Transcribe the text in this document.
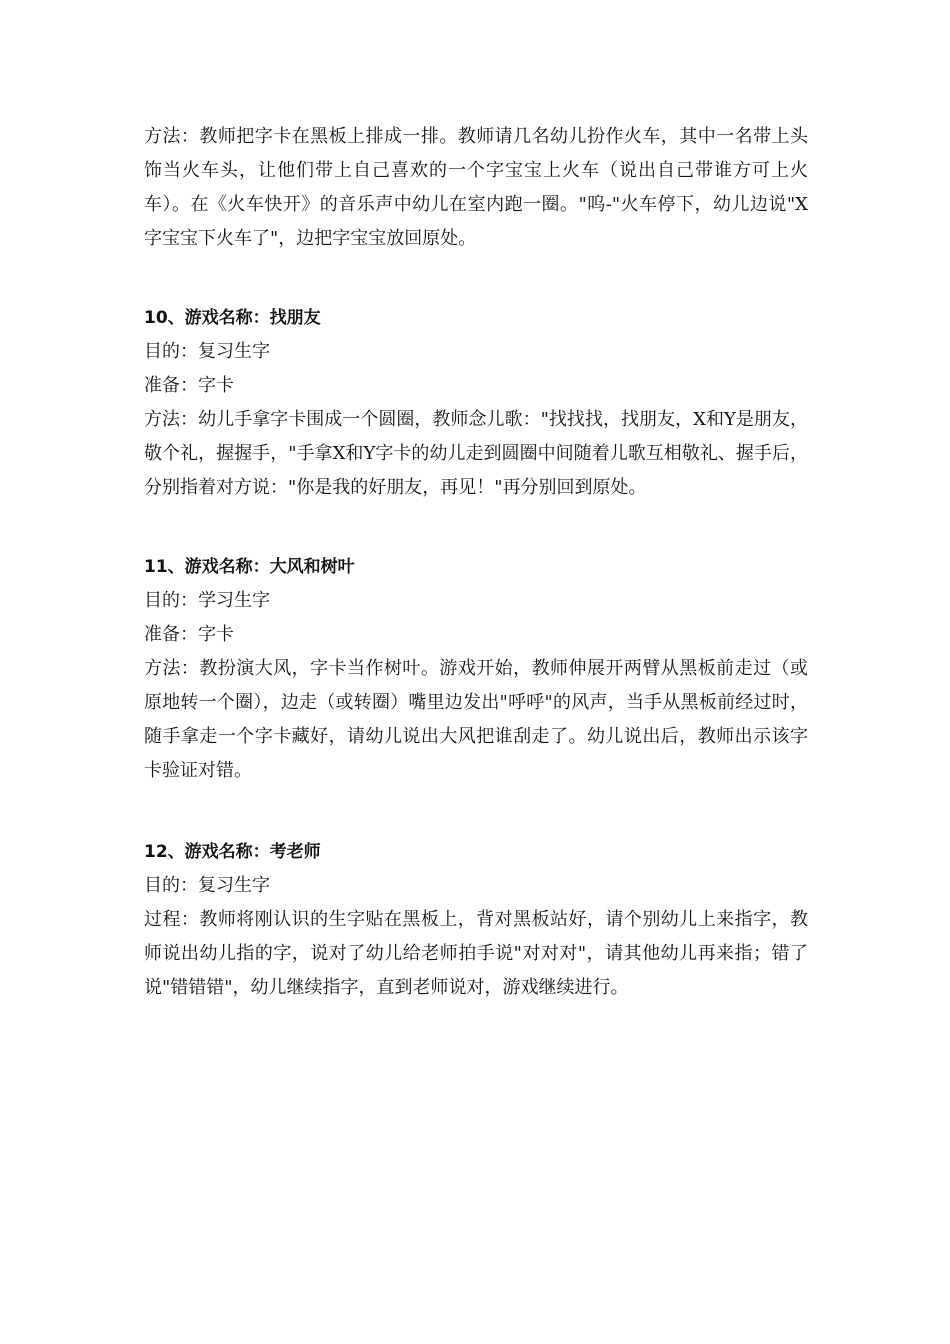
方法：教师把字卡在黑板上排成一排。教师请几名幼儿扮作火车，其中一名带上头饰当火车头，让他们带上自己喜欢的一个字宝宝上火车（说出自己带谁方可上火车）。在《火车快开》的音乐声中幼儿在室内跑一圈。"呜-"火车停下，幼儿边说"X字宝宝下火车了"，边把字宝宝放回原处。

10、游戏名称：找朋友

目的：复习生字

准备：字卡

方法：幼儿手拿字卡围成一个圆圈，教师念儿歌："找找找，找朋友，X和Y是朋友，敬个礼，握握手，"手拿X和Y字卡的幼儿走到圆圈中间随着儿歌互相敬礼、握手后，分别指着对方说："你是我的好朋友，再见！"再分别回到原处。

11、游戏名称：大风和树叶

目的：学习生字

准备：字卡

方法：教扮演大风，字卡当作树叶。游戏开始，教师伸展开两臂从黑板前走过（或原地转一个圈），边走（或转圈）嘴里边发出"呼呼"的风声，当手从黑板前经过时，随手拿走一个字卡藏好，请幼儿说出大风把谁刮走了。幼儿说出后，教师出示该字卡验证对错。

12、游戏名称：考老师

目的：复习生字

过程：教师将刚认识的生字贴在黑板上，背对黑板站好，请个别幼儿上来指字，教师说出幼儿指的字，说对了幼儿给老师拍手说"对对对"，请其他幼儿再来指；错了说"错错错"，幼儿继续指字，直到老师说对，游戏继续进行。
